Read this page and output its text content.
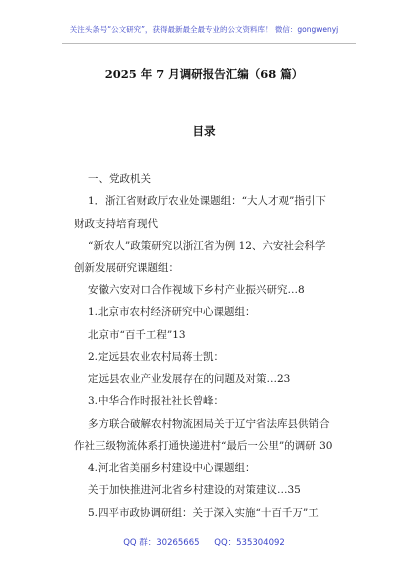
关注头条号“公文研究”，获得最新最全最专业的公文资料库！ 微信：gongwenyj
2025 年 7 月调研报告汇编（68 篇）
目录
一、党政机关
1．浙江省财政厅农业处课题组：“大人才观”指引下
财政支持培育现代
“新农人”政策研究以浙江省为例 12、六安社会科学
创新发展研究课题组：
安徽六安对口合作视域下乡村产业振兴研究…8
1.北京市农村经济研究中心课题组：
北京市“百千工程”13
2.定远县农业农村局蒋士凯：
定远县农业产业发展存在的问题及对策…23
3.中华合作时报社社长曾峰：
多方联合破解农村物流困局关于辽宁省法库县供销合
作社三级物流体系打通快递进村“最后一公里”的调研 30
4.河北省美丽乡村建设中心课题组：
关于加快推进河北省乡村建设的对策建议…35
5.四平市政协调研组：关于深入实施“十百千万”工
QQ 群：30265665 QQ：535304092
